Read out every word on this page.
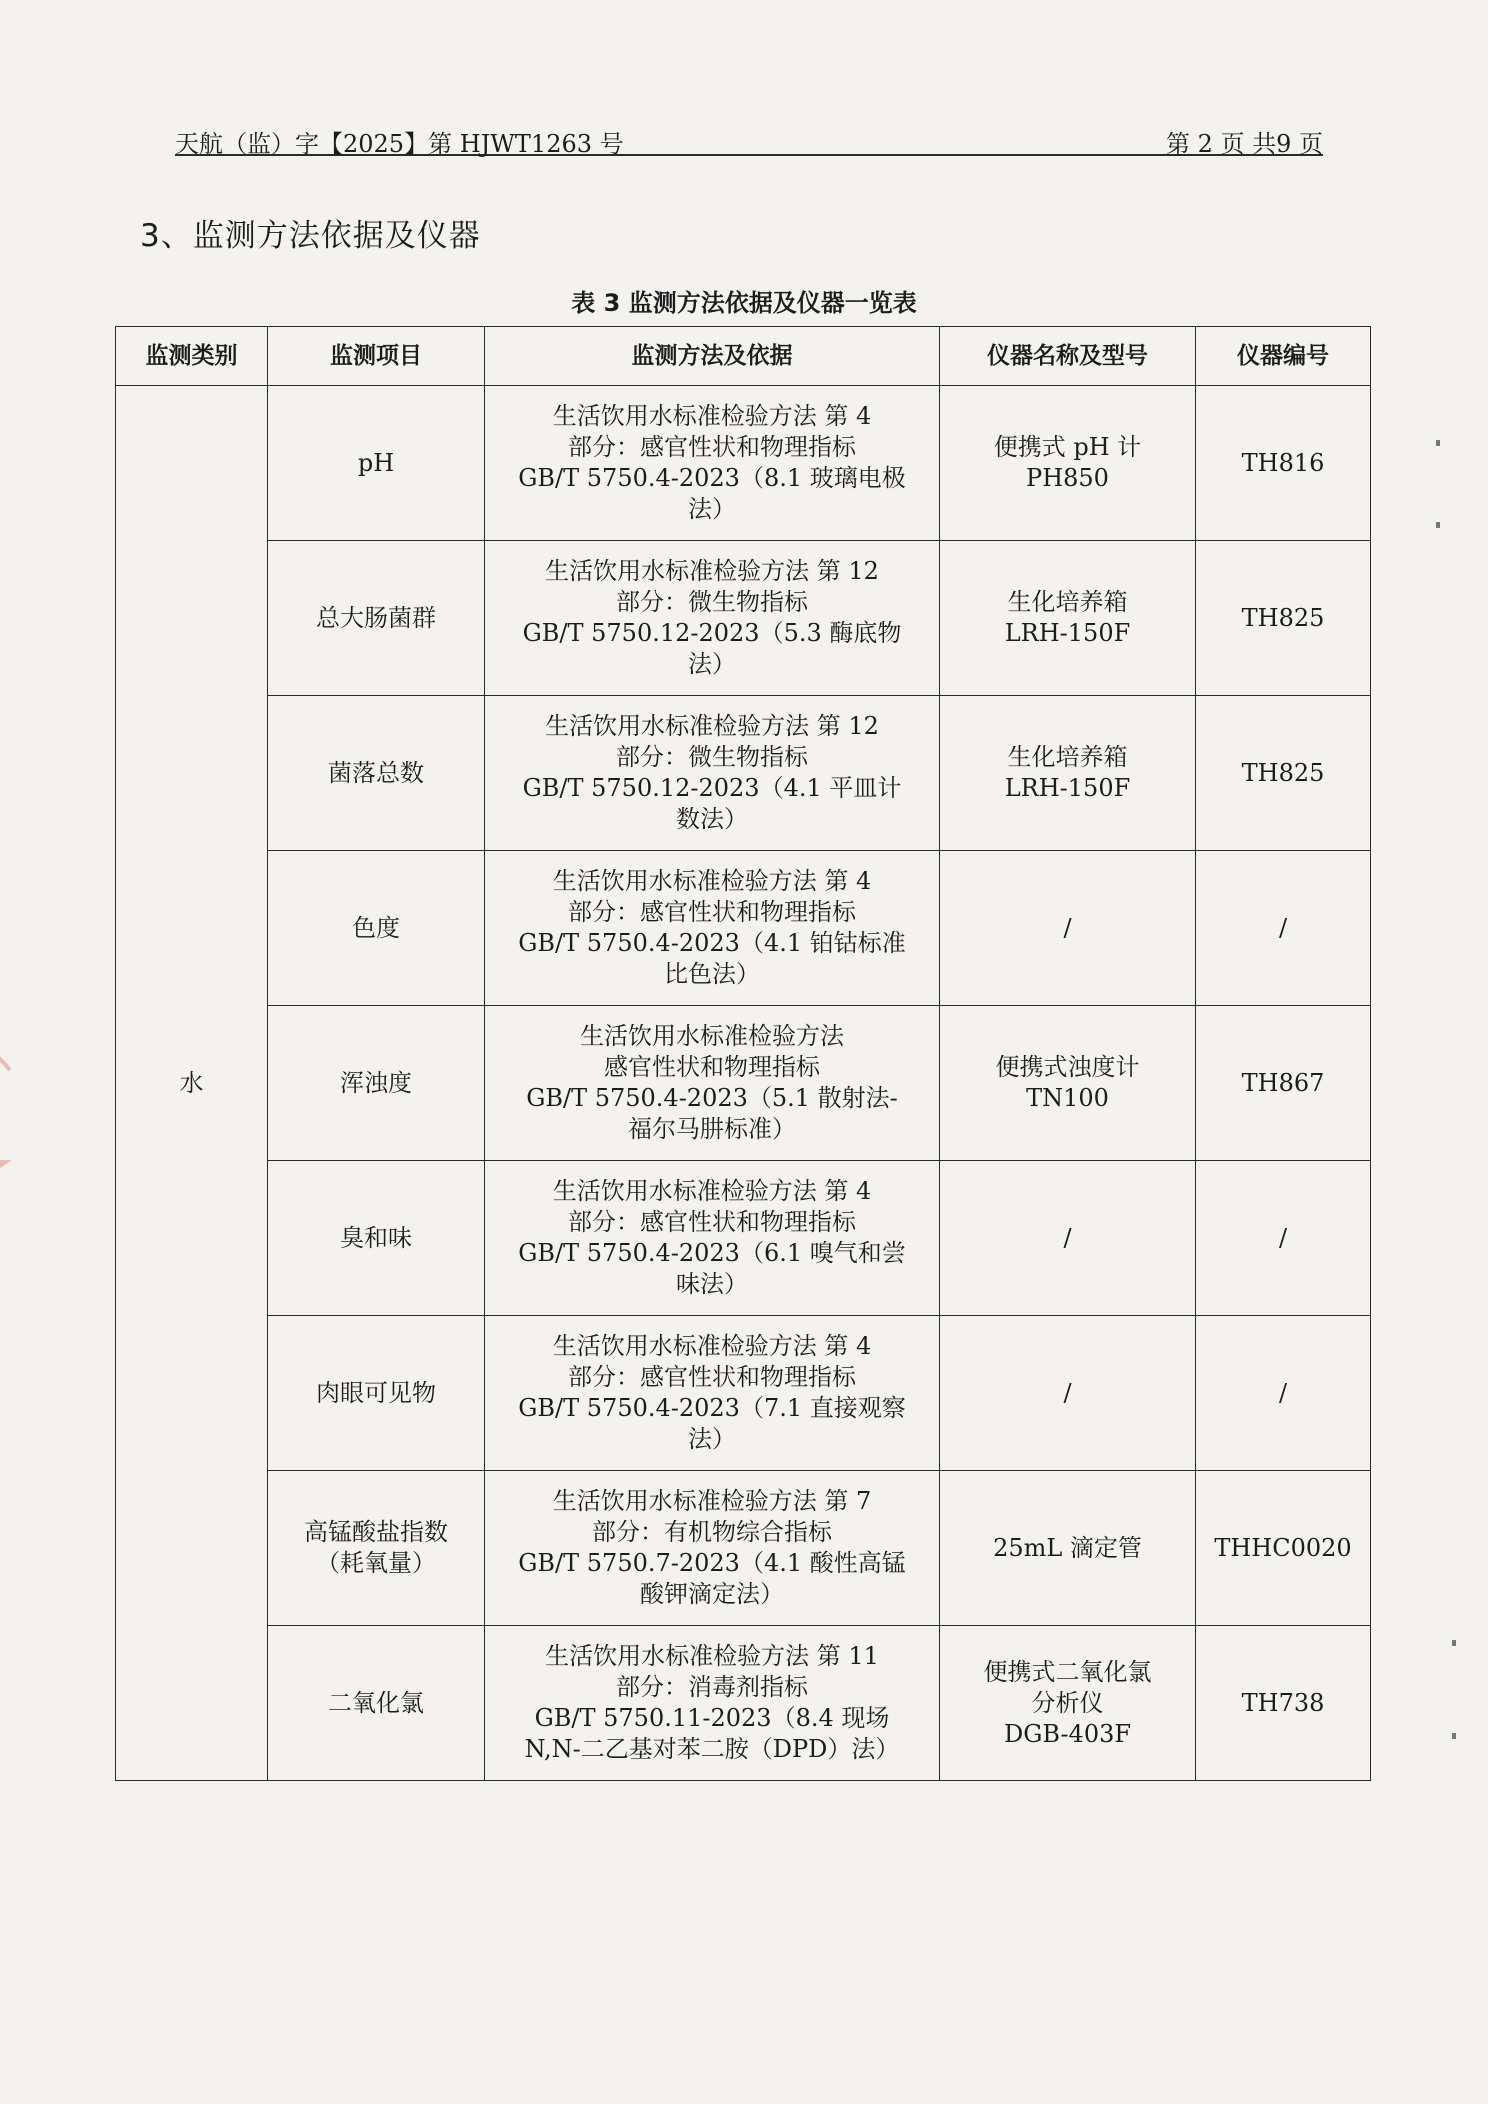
天航（监）字【2025】第 HJWT1263 号	第 2 页 共9 页
3、监测方法依据及仪器
表 3 监测方法依据及仪器一览表
监测类别	监测项目	监测方法及依据	仪器名称及型号	仪器编号
水	pH	生活饮用水标准检验方法 第 4
部分：感官性状和物理指标
GB/T 5750.4-2023（8.1 玻璃电极
法）	便携式 pH 计
PH850	TH816

	总大肠菌群	生活饮用水标准检验方法 第 12
部分：微生物指标
GB/T 5750.12-2023（5.3 酶底物
法）	生化培养箱
LRH-150F	TH825

	菌落总数	生活饮用水标准检验方法 第 12
部分：微生物指标
GB/T 5750.12-2023（4.1 平皿计
数法）	生化培养箱
LRH-150F	TH825

	色度	生活饮用水标准检验方法 第 4
部分：感官性状和物理指标
GB/T 5750.4-2023（4.1 铂钴标准
比色法）	/	/

	浑浊度	生活饮用水标准检验方法
感官性状和物理指标
GB/T 5750.4-2023（5.1 散射法-
福尔马肼标准）	便携式浊度计
TN100	TH867

	臭和味	生活饮用水标准检验方法 第 4
部分：感官性状和物理指标
GB/T 5750.4-2023（6.1 嗅气和尝
味法）	/	/

	肉眼可见物	生活饮用水标准检验方法 第 4
部分：感官性状和物理指标
GB/T 5750.4-2023（7.1 直接观察
法）	/	/

	高锰酸盐指数
（耗氧量）	生活饮用水标准检验方法 第 7
部分：有机物综合指标
GB/T 5750.7-2023（4.1 酸性高锰
酸钾滴定法）	25mL 滴定管	THHC0020

	二氧化氯	生活饮用水标准检验方法 第 11
部分：消毒剂指标
GB/T 5750.11-2023（8.4 现场
N,N-二乙基对苯二胺（DPD）法）	便携式二氧化氯
分析仪
DGB-403F	TH738
